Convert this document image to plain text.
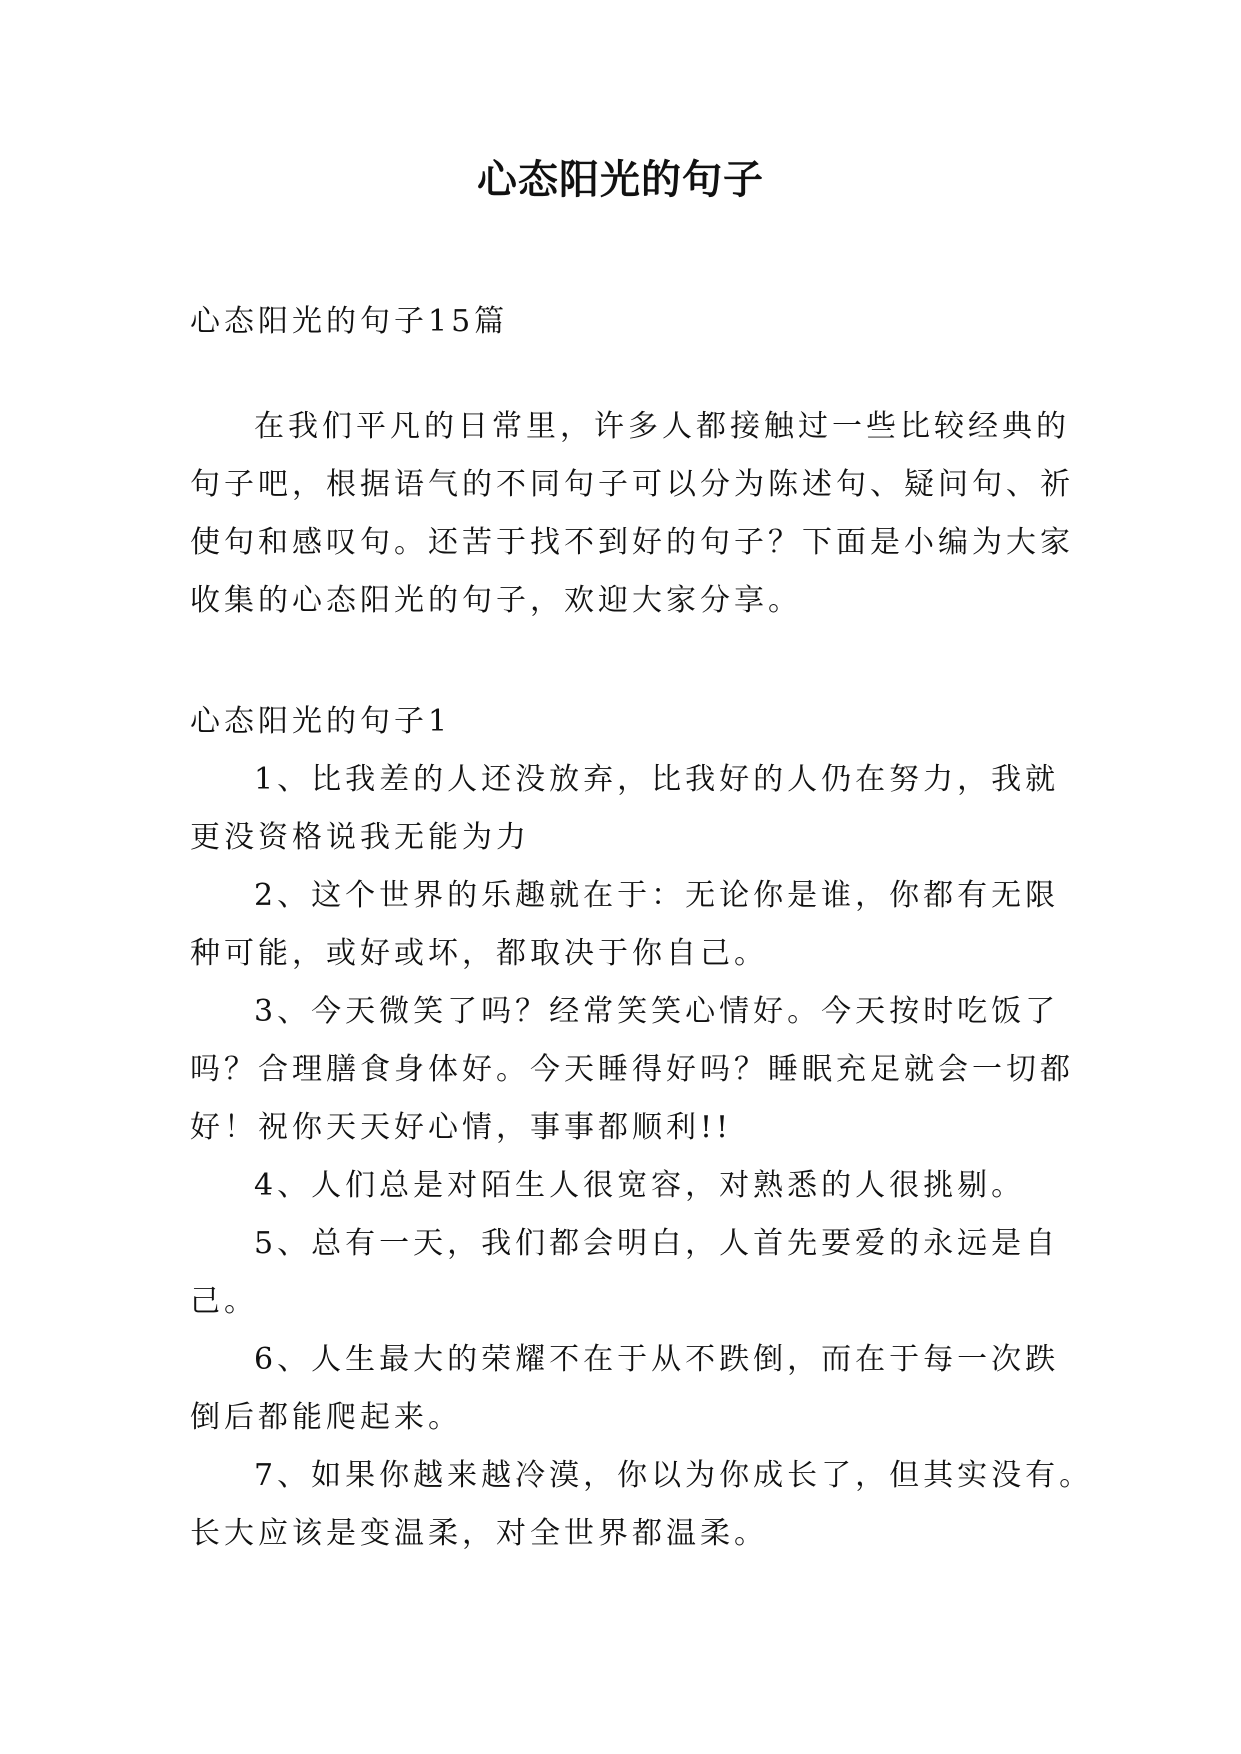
心态阳光的句子
心态阳光的句子15篇
在我们平凡的日常里，许多人都接触过一些比较经典的
句子吧，根据语气的不同句子可以分为陈述句、疑问句、祈
使句和感叹句。还苦于找不到好的句子？下面是小编为大家
收集的心态阳光的句子，欢迎大家分享。
心态阳光的句子1
1、比我差的人还没放弃，比我好的人仍在努力，我就
更没资格说我无能为力
2、这个世界的乐趣就在于：无论你是谁，你都有无限
种可能，或好或坏，都取决于你自己。
3、今天微笑了吗？经常笑笑心情好。今天按时吃饭了
吗？合理膳食身体好。今天睡得好吗？睡眠充足就会一切都
好！祝你天天好心情，事事都顺利!!
4、人们总是对陌生人很宽容，对熟悉的人很挑剔。
5、总有一天，我们都会明白，人首先要爱的永远是自
己。
6、人生最大的荣耀不在于从不跌倒，而在于每一次跌
倒后都能爬起来。
7、如果你越来越冷漠，你以为你成长了，但其实没有。
长大应该是变温柔，对全世界都温柔。
